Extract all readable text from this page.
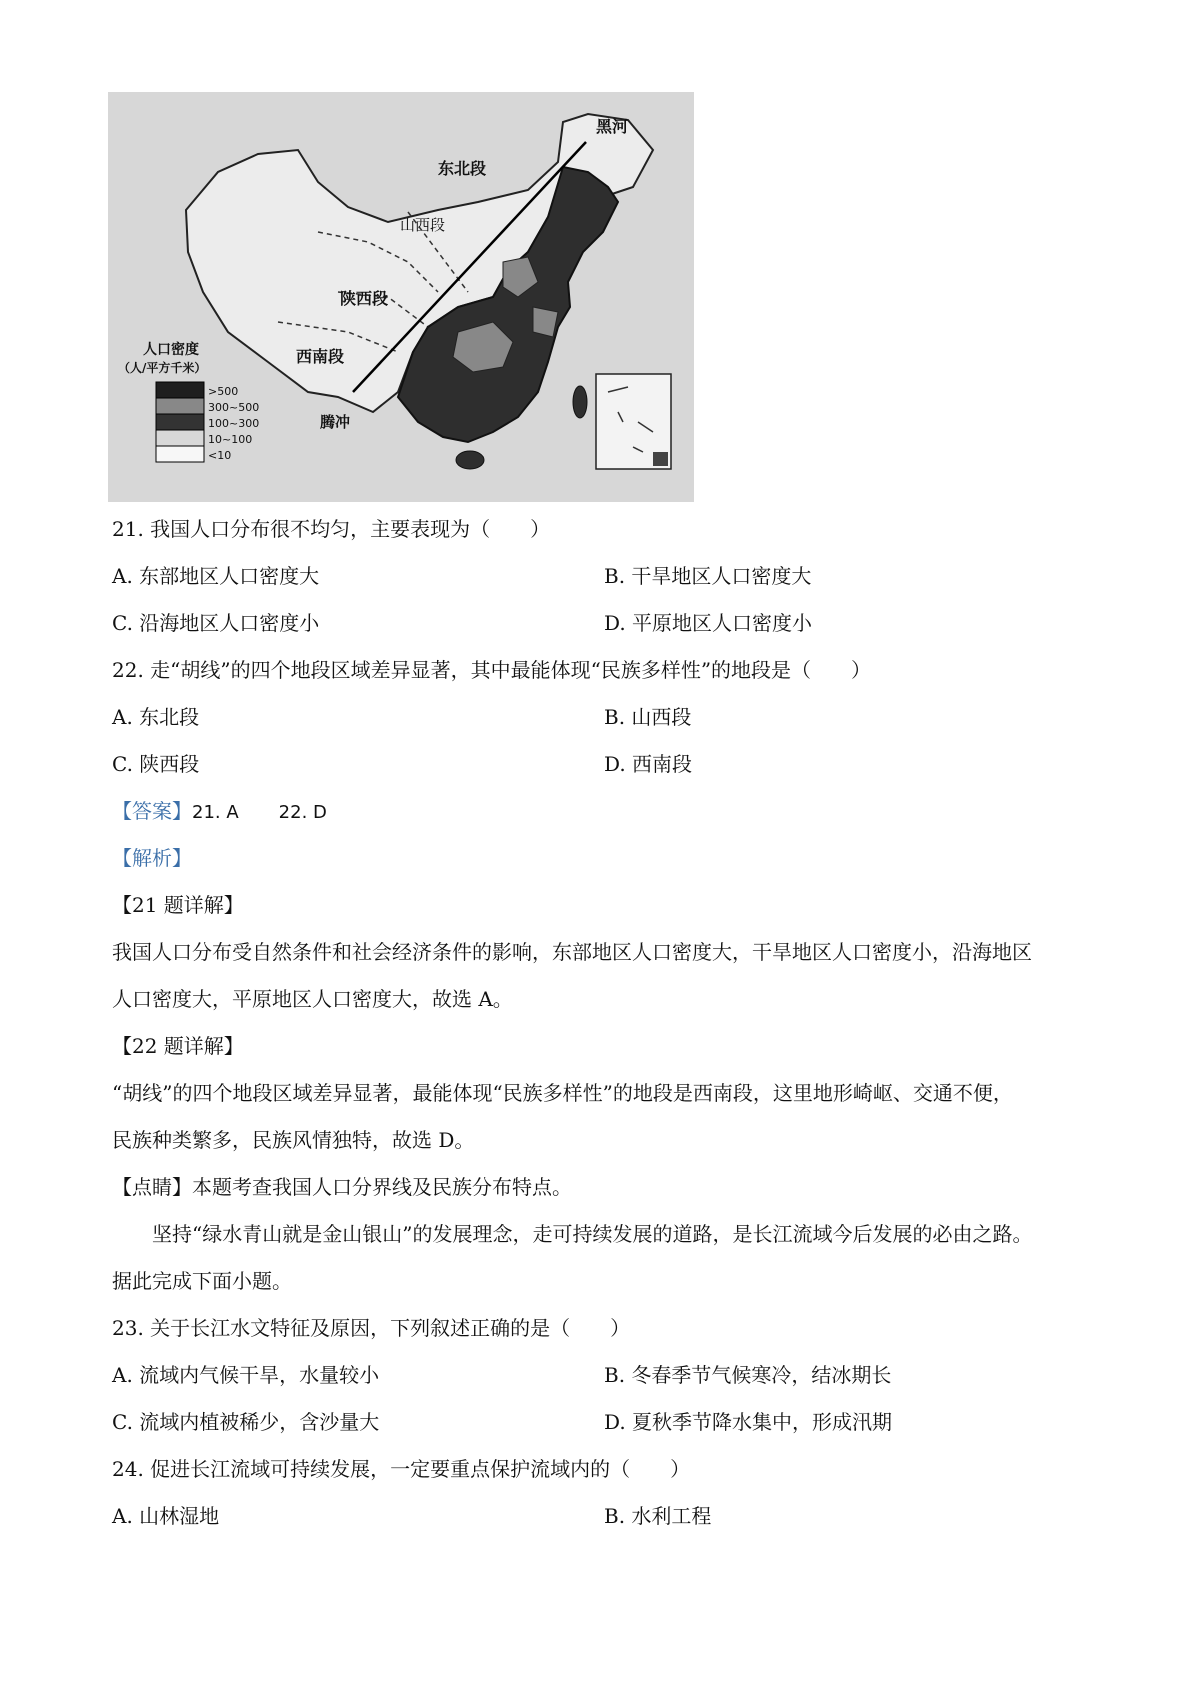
黑河
东北段
山西段
陕西段
西南段
腾冲
人口密度
（人/平方千米）
>500
300~500
100~300
10~100
<10
21. 我国人口分布很不均匀，主要表现为（　　）
A. 东部地区人口密度大	B. 干旱地区人口密度大
C. 沿海地区人口密度小	D. 平原地区人口密度小
22. 走“胡线”的四个地段区域差异显著，其中最能体现“民族多样性”的地段是（　　）
A. 东北段	B. 山西段
C. 陕西段	D. 西南段
【答案】21. A 22. D
【解析】
【21 题详解】
我国人口分布受自然条件和社会经济条件的影响，东部地区人口密度大，干旱地区人口密度小，沿海地区
人口密度大，平原地区人口密度大，故选 A。
【22 题详解】
“胡线”的四个地段区域差异显著，最能体现“民族多样性”的地段是西南段，这里地形崎岖、交通不便，
民族种类繁多，民族风情独特，故选 D。
【点睛】本题考查我国人口分界线及民族分布特点。
坚持“绿水青山就是金山银山”的发展理念，走可持续发展的道路，是长江流域今后发展的必由之路。
据此完成下面小题。
23. 关于长江水文特征及原因，下列叙述正确的是（　　）
A. 流域内气候干旱，水量较小	B. 冬春季节气候寒冷，结冰期长
C. 流域内植被稀少，含沙量大	D. 夏秋季节降水集中，形成汛期
24. 促进长江流域可持续发展，一定要重点保护流域内的（　　）
A. 山林湿地	B. 水利工程
